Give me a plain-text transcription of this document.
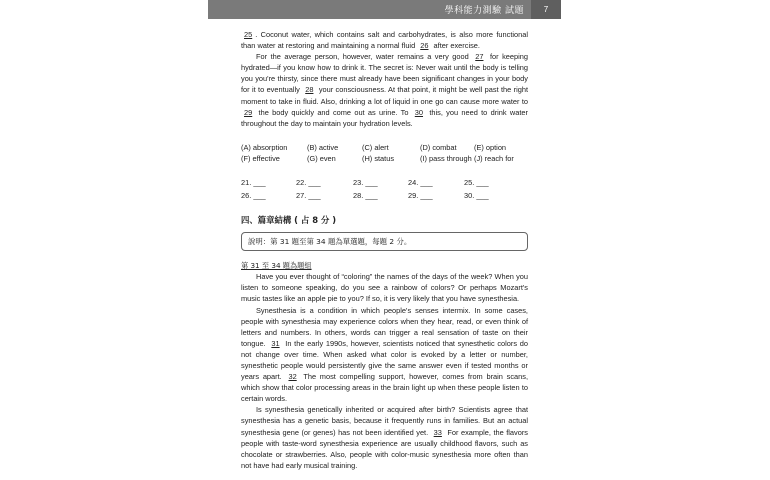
學科能力測驗 試題	7

25 . Coconut water, which contains salt and carbohydrates, is also more functional than water at restoring and maintaining a normal fluid 26 after exercise.

For the average person, however, water remains a very good 27 for keeping hydrated—if you know how to drink it. The secret is: Never wait until the body is telling you you're thirsty, since there must already have been significant changes in your body for it to eventually 28 your consciousness. At that point, it might be well past the right moment to take in fluid. Also, drinking a lot of liquid in one go can cause more water to 29 the body quickly and come out as urine. To 30 this, you need to drink water throughout the day to maintain your hydration levels.

(A) absorption	(B) active	(C) alert	(D) combat	(E) option
(F) effective	(G) even	(H) status	(I) pass through (J) reach for
21. ___	22. ___	23. ___	24. ___	25. ___
26. ___	27. ___	28. ___	29. ___	30. ___
四、篇章結構 ( 占 8 分 )
說明：第 31 題至第 34 題為單選題，每題 2 分。
第 31 至 34 題為題組

Have you ever thought of “coloring” the names of the days of the week? When you listen to someone speaking, do you see a rainbow of colors? Or perhaps Mozart's music tastes like an apple pie to you? If so, it is very likely that you have synesthesia.

Synesthesia is a condition in which people's senses intermix. In some cases, people with synesthesia may experience colors when they hear, read, or even think of letters and numbers. In others, words can trigger a real sensation of taste on their tongue. 31 In the early 1990s, however, scientists noticed that synesthetic colors do not change over time. When asked what color is evoked by a letter or number, synesthetic people would persistently give the same answer even if tested months or years apart. 32 The most compelling support, however, comes from brain scans, which show that color processing areas in the brain light up when these people listen to certain words.

Is synesthesia genetically inherited or acquired after birth? Scientists agree that synesthesia has a genetic basis, because it frequently runs in families. But an actual synesthesia gene (or genes) has not been identified yet. 33 For example, the flavors people with taste-word synesthesia experience are usually childhood flavors, such as chocolate or strawberries. Also, people with color-music synesthesia more often than not have had early musical training.
